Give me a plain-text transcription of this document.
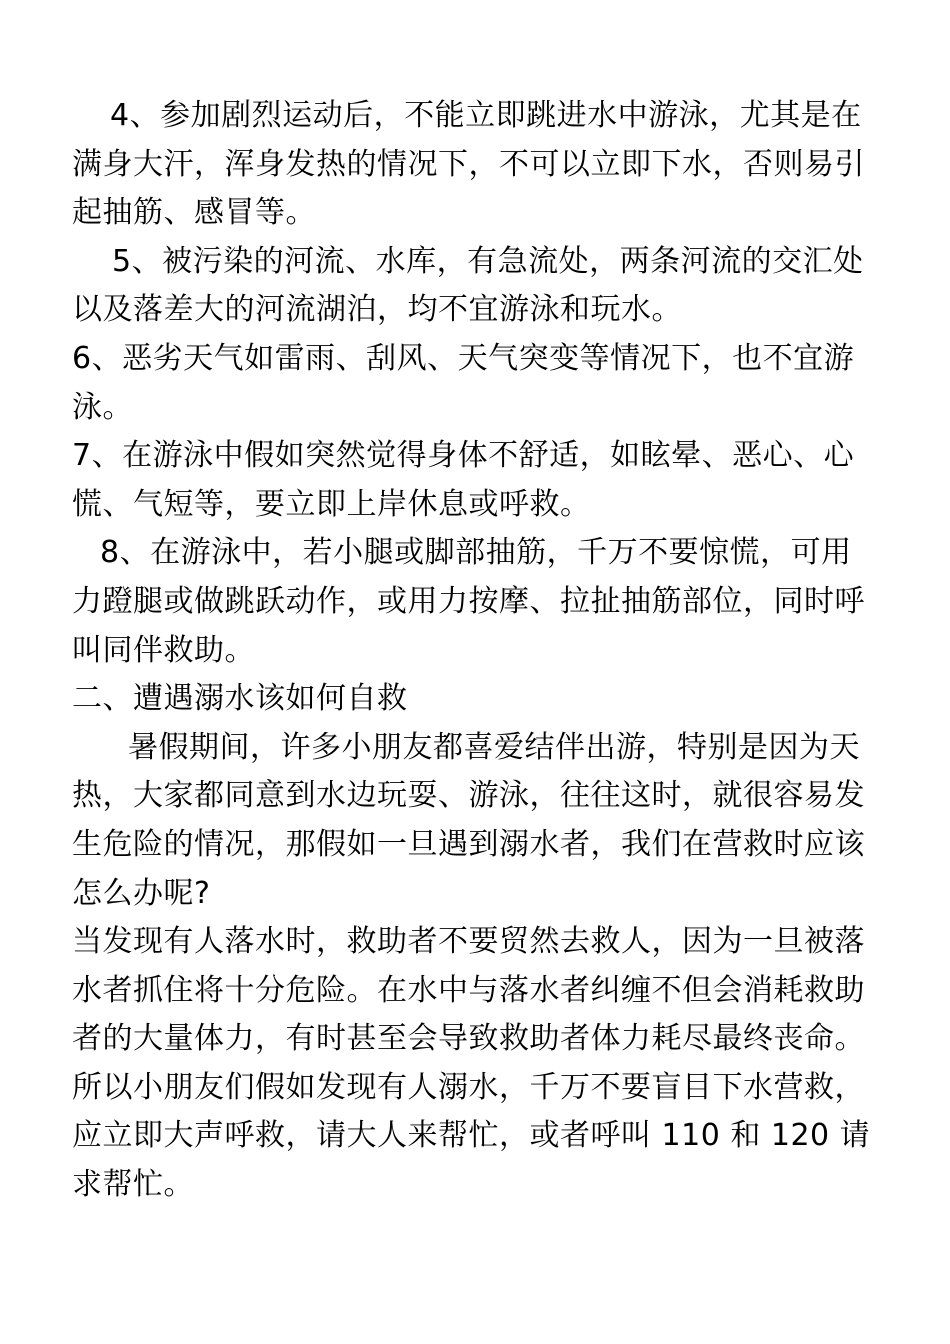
4、参加剧烈运动后，不能立即跳进水中游泳，尤其是在满身大汗，浑身发热的情况下，不可以立即下水，否则易引起抽筋、感冒等。

5、被污染的河流、水库，有急流处，两条河流的交汇处以及落差大的河流湖泊，均不宜游泳和玩水。

6、恶劣天气如雷雨、刮风、天气突变等情况下，也不宜游泳。

7、在游泳中假如突然觉得身体不舒适，如眩晕、恶心、心慌、气短等，要立即上岸休息或呼救。

8、在游泳中，若小腿或脚部抽筋，千万不要惊慌，可用力蹬腿或做跳跃动作，或用力按摩、拉扯抽筋部位，同时呼叫同伴救助。

二、遭遇溺水该如何自救

暑假期间，许多小朋友都喜爱结伴出游，特别是因为天热，大家都同意到水边玩耍、游泳，往往这时，就很容易发生危险的情况，那假如一旦遇到溺水者，我们在营救时应该怎么办呢?

当发现有人落水时，救助者不要贸然去救人，因为一旦被落水者抓住将十分危险。在水中与落水者纠缠不但会消耗救助者的大量体力，有时甚至会导致救助者体力耗尽最终丧命。所以小朋友们假如发现有人溺水，千万不要盲目下水营救，应立即大声呼救，请大人来帮忙，或者呼叫 110 和 120 请求帮忙。
